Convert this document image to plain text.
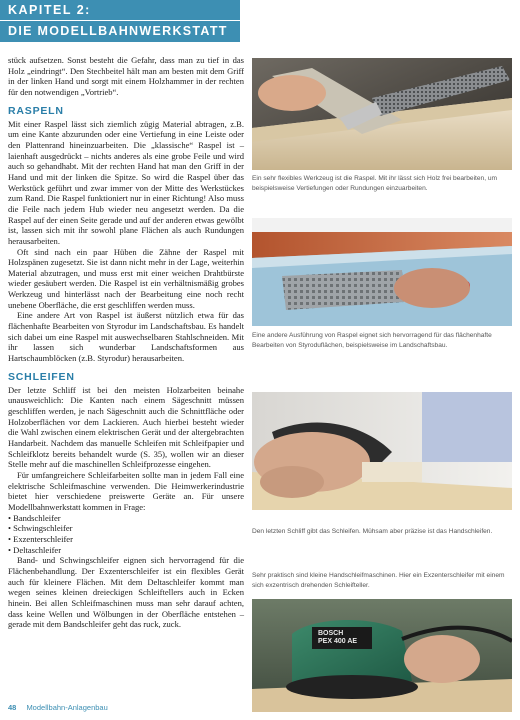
KAPITEL 2:
DIE MODELLBAHNWERKSTATT

stück aufsetzen. Sonst besteht die Gefahr, dass man zu tief in das Holz „eindringt“. Den Stechbeitel hält man am besten mit dem Griff in der linken Hand und sorgt mit einem Holzhammer in der rechten für den notwendigen „Vortrieb“.

RASPELN

Mit einer Raspel lässt sich ziemlich zügig Material abtragen, z.B. um eine Kante abzurunden oder eine Vertiefung in eine Leiste oder den Plattenrand hineinzuarbeiten. Die „klassische“ Raspel ist – laienhaft ausgedrückt – nichts anderes als eine grobe Feile und wird auch so gehandhabt. Mit der rechten Hand hat man den Griff in der Hand und mit der linken die Spitze. So wird die Raspel über das Werkstück geführt und zwar immer von der Mitte des Werkstückes zum Rand. Die Raspel funktioniert nur in einer Richtung! Also muss die Feile nach jedem Hub wieder neu angesetzt werden. Da die Raspel auf der einen Seite gerade und auf der anderen etwas gewölbt ist, lassen sich mit ihr sowohl plane Flächen als auch Rundungen herausarbeiten.

Oft sind nach ein paar Hüben die Zähne der Raspel mit Holzspänen zugesetzt. Sie ist dann nicht mehr in der Lage, weiterhin Material abzutragen, und muss erst mit einer weichen Drahtbürste wieder gesäubert werden. Die Raspel ist ein verhältnismäßig grobes Werkzeug und hinterlässt nach der Bearbeitung eine noch recht unebene Oberfläche, die erst geschliffen werden muss.

Eine andere Art von Raspel ist äußerst nützlich etwa für das flächenhafte Bearbeiten von Styrodur im Landschaftsbau. Es handelt sich dabei um eine Raspel mit auswechselbaren Stahlschneiden. Mit ihr lassen sich wunderbar Landschaftsformen aus Hartschaumblöcken (z.B. Styrodur) herausarbeiten.

SCHLEIFEN

Der letzte Schliff ist bei den meisten Holzarbeiten beinahe unausweichlich: Die Kanten nach einem Sägeschnitt müssen geschliffen werden, je nach Sägeschnitt auch die Schnittfläche oder Holzoberflächen vor dem Lackieren. Auch hierbei besteht wieder die Wahl zwischen einem elektrischen Gerät und der altergebrachten Handarbeit. Nachdem das manuelle Schleifen mit Schleifpapier und Schleifklotz bereits behandelt wurde (S. 35), wollen wir an dieser Stelle mehr auf die maschinellen Schleifprozesse eingehen.

Für umfangreichere Schleifarbeiten sollte man in jedem Fall eine elektrische Schleifmaschine verwenden. Die Heimwerkerindustrie bietet hier verschiedene preiswerte Geräte an. Für unsere Modellbahnwerkstatt kommen in Frage:

• Bandschleifer
• Schwingschleifer
• Exzenterschleifer
• Deltaschleifer

Band- und Schwingschleifer eignen sich hervorragend für die Flächenbehandlung. Der Exzenterschleifer ist ein flexibles Gerät auch für kleinere Flächen. Mit dem Deltaschleifer kommt man wegen seines kleinen dreieckigen Schleiftellers auch in Ecken hinein. Bei allen Schleifmaschinen muss man sehr darauf achten, dass keine Wellen und Wölbungen in der Oberfläche entstehen – gerade mit dem Bandschleifer geht das ruck, zuck.

Ein sehr flexibles Werkzeug ist die Raspel. Mit ihr lässt sich Holz frei bearbeiten, um beispielsweise Vertiefungen oder Rundungen einzuarbeiten.
Eine andere Ausführung von Raspel eignet sich hervorragend für das flächenhafte Bearbeiten von Styroduflächen, beispielsweise im Landschaftsbau.
Den letzten Schliff gibt das Schleifen. Mühsam aber präzise ist das Handschleifen.
Sehr praktisch sind kleine Handschleifmaschinen. Hier ein Exzenterschleifer mit einem sich exzentrisch drehenden Schleifteller.
BOSCH
PEX 400 AE
48 Modellbahn-Anlagenbau
